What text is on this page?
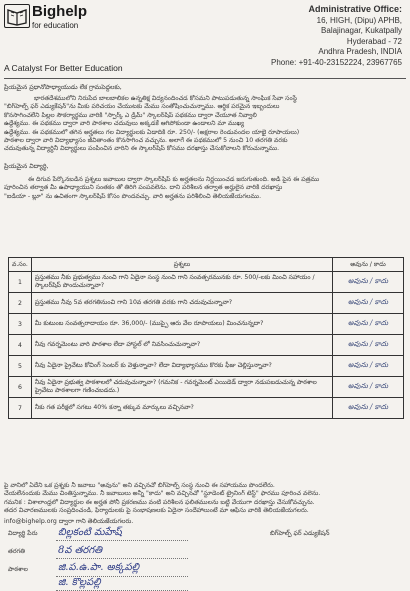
Bighelp
for education
A Catalyst For Better Education
Administrative Office:
16, HIGH, (Dipu) APHB,
Balajinagar, Kukatpally
Hyderabad - 72
Andhra Pradesh, INDIA
Phone: +91-40-23152224, 23967765
ప్రియమైన ప్రధానోపాధ్యాయుడు లేక గ్రామపెద్దలకు,
భారతదేశములోని నిరుపేద బాలబాలికల ఉన్నతిక్ష విద్యనందించడ కోసమని పాటుపడుతున్న సాంఘిక సేవా సంస్థే
"బిగ్‌హెల్ప్ ఫర్ ఎడ్యుకేషన్"ను మీకు పరిచయం చేయుటకు మేము సంతోషించుచున్నాము. ఆర్థిక పరమైన ఇబ్బందులు
కొనసాగించలేని పిల్లల సౌకర్యార్థము వారికి "స్పార్క్ ఎ డ్రీమ్" స్కాలర్‌షిప్ పథకము ద్వారా చేయూత నివ్వాలి
ఉద్దేశ్యము. ఈ పథకము ద్వారా వారి పాఠశాల చదువులు అక్కడకే ఆగిపోకుండా ఉండాలని మా ముఖ్య
ఉద్దేశ్యము. ఈ పథకములో తగిన అర్హతలు గల విద్యార్థులకు ఏడాదికి రూ. 250/- (అక్షరాల రెండువందల యాభై రూపాయలు)
పాఠశాల ద్వారా వారి విద్యాభ్యాసం జీవితాంతం కొనసాగించ వచ్చును. అలాగే ఈ పథకములో 5 నుంచి 10 తరగతి వరకు
చదువుతున్న విద్యార్థినీ విద్యార్థులు పంపించిన వారిని ఈ స్కాలర్‌షిప్ కోసము దరఖాస్తు చేసుకోవాలని కోరుచున్నాము.
ప్రియమైన విద్యార్థి,
ఈ దిగువ పేర్కొనబడిన ప్రశ్నలు జవాబుల ద్వారా స్కాలర్‌షిప్ కు అర్హతలను నిర్ణయించడ జరుగుతుంది. అడి పైన ఈ పత్రము
పూరించిన తర్వాత మీ ఉపాధ్యాయుని సంతకం తో తిరిగి పంపవలెను. దాని పరిశీలన తర్వాత అర్హులైన వారికి దరఖాస్తు
"ఐడియా - బ్లూ" ను ఉచితంగా స్కాలర్‌షిప్ కోసం పొందవచ్చు. వారి అర్హతను పరిశీలించి తెలియజేయగలము.
వ.సం.	ప్రశ్నలు	అవును / కాదు
1	ప్రస్తుతము నీకు ప్రభుత్వము నుంచి గాని ఏదైనా సంస్థ నుంచి గాని సంవత్సరమునకు రూ. 500/-లకు మించి సహాయం / స్కాలర్‌షిప్ పొందుచున్నావా?	అవును / కాదు
2	ప్రస్తుతము నీవు 5వ తరగతినుంచి గాని 10వ తరగతి వరకు గాని చదువుచున్నావా?	అవును / కాదు
3	మీ కుటుంబ సంవత్సరాదాయం రూ. 36,000/- (ముప్పై ఆరు వేల రూపాయలు) మించనున్నదా?	అవును / కాదు
4	నీవు గవర్నమెంటు వారి పాఠశాల లేదా హాస్టల్ లో నివసించుచున్నావా?	అవును / కాదు
5	నీవు ఏదైనా ప్రైవేటు కోచింగ్ సెంటర్ కు వెళ్తున్నావా? లేదా విద్యాభ్యాసము కొరకు ఫీజు చెల్లిస్తున్నావా?	అవును / కాదు
6	నీవు ఏదైనా ప్రభుత్వ పాఠశాలలో చదువుచున్నావా? (గమనిక - గవర్నమెంట్ ఎయిడెడ్ ద్వారా నడుపబడుచున్న పాఠశాల ప్రైవేటు పాఠశాలగా గణించబడదు.)	అవును / కాదు
7	నీకు గత పరీక్షలో సగటు 40% కన్నా తక్కువ మార్కులు వచ్చినవా?	అవును / కాదు
పై వానిలో ఏదేని ఒక ప్రశ్నకు నీ జవాబు "అవును" అని వచ్చినచో బిగ్‌హెల్ప్ సంస్థ నుంచి ఈ సహాయము పొందలేరు.
చేయలేనందుకు మేము చింతిస్తున్నాము. నీ జవాబులు అన్నీ "కాదు" అని వచ్చినచో "స్టూడెంట్ ట్రైనింగ్ టెస్ట్" ఫారము పూరించ వలెను.
గమనిక : విశాలాంధ్రలో విద్యార్థుల ఈ అర్హత పోనీ ప్రకరణము వంటి పరిశీలన ఫలితములను బట్టి వేయుగా దరఖాస్తు చేసుకోవచ్చును.
తదర విచారణములకు సంప్రదించండి, ఫిర్యాదులకు పై సంభాషణలకు ఏదైనా సందేహాలుంటే మా ఆఫీసు వారికి తెలియజేయగలరు.
info@bighelp.org ద్వారా గాని తెలియజేయగలరు.
విద్యార్థి పేరు బిల్లకంటి మహేష్
తరగతి	8వ తరగతి
పాఠశాల	జి.ప.ఉ.పా. అక్కపల్లి
జి. కొల్లపల్లి
బిగ్‌హెల్ప్ ఫర్ ఎడ్యుకేషన్
